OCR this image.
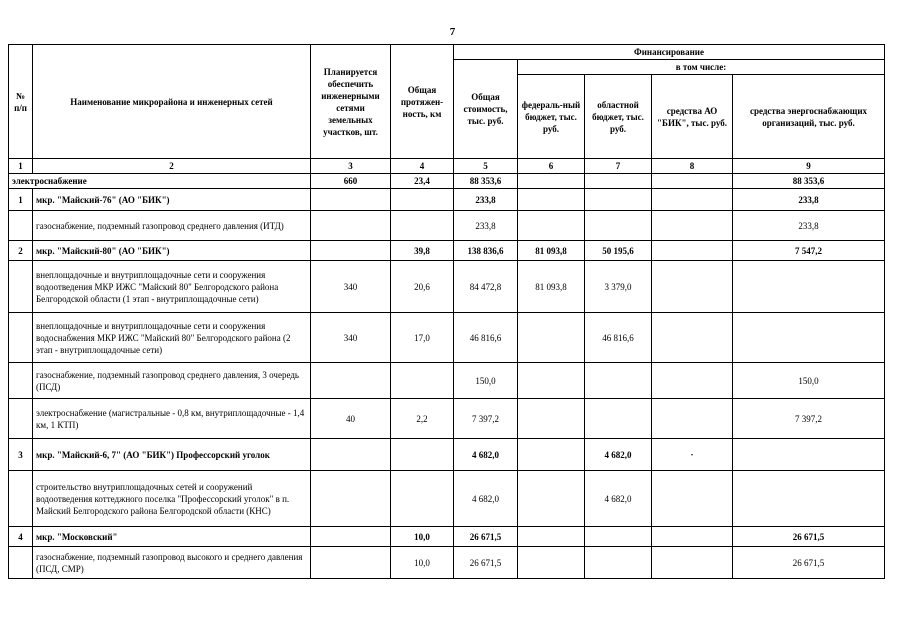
7
№ п/п	Наименование микрорайона и инженерных сетей	Планируется обеспечить инженерными сетями земельных участков, шт.	Общая протяжен-ность, км	Финансирование				
				Общая стоимость, тыс. руб.	в том числе:			
					федераль-ный бюджет, тыс. руб.	областной бюджет, тыс. руб.	средства АО "БИК", тыс. руб.	средства энергоснабжающих организаций, тыс. руб.
1	2	3	4	5	6	7	8	9
электроснабжение		660	23,4	88 353,6				88 353,6
1	мкр. "Майский-76" (АО "БИК")			233,8				233,8
	газоснабжение, подземный газопровод среднего давления (ИТД)			233,8				233,8
2	мкр. "Майский-80" (АО "БИК")		39,8	138 836,6	81 093,8	50 195,6		7 547,2
	внеплощадочные и внутриплощадочные сети и сооружения водоотведения МКР ИЖС "Майский 80" Белгородского района Белгородской области (1 этап - внутриплощадочные сети)	340	20,6	84 472,8	81 093,8	3 379,0		
	внеплощадочные и внутриплощадочные сети и сооружения водоснабжения МКР ИЖС "Майский 80" Белгородского района (2 этап - внутриплощадочные сети)	340	17,0	46 816,6		46 816,6		
	газоснабжение, подземный газопровод среднего давления, 3 очередь (ПСД)			150,0				150,0
	электроснабжение (магистральные - 0,8 км, внутриплощадочные - 1,4 км, 1 КТП)	40	2,2	7 397,2				7 397,2
3	мкр. "Майский-6, 7" (АО "БИК") Профессорский уголок			4 682,0		4 682,0	·	
	строительство внутриплощадочных сетей и сооружений водоотведения коттеджного поселка "Профессорский уголок" в п. Майский Белгородского района Белгородской области (КНС)			4 682,0		4 682,0		
4	мкр. "Московский"		10,0	26 671,5				26 671,5
	газоснабжение, подземный газопровод высокого и среднего давления (ПСД, СМР)		10,0	26 671,5				26 671,5
